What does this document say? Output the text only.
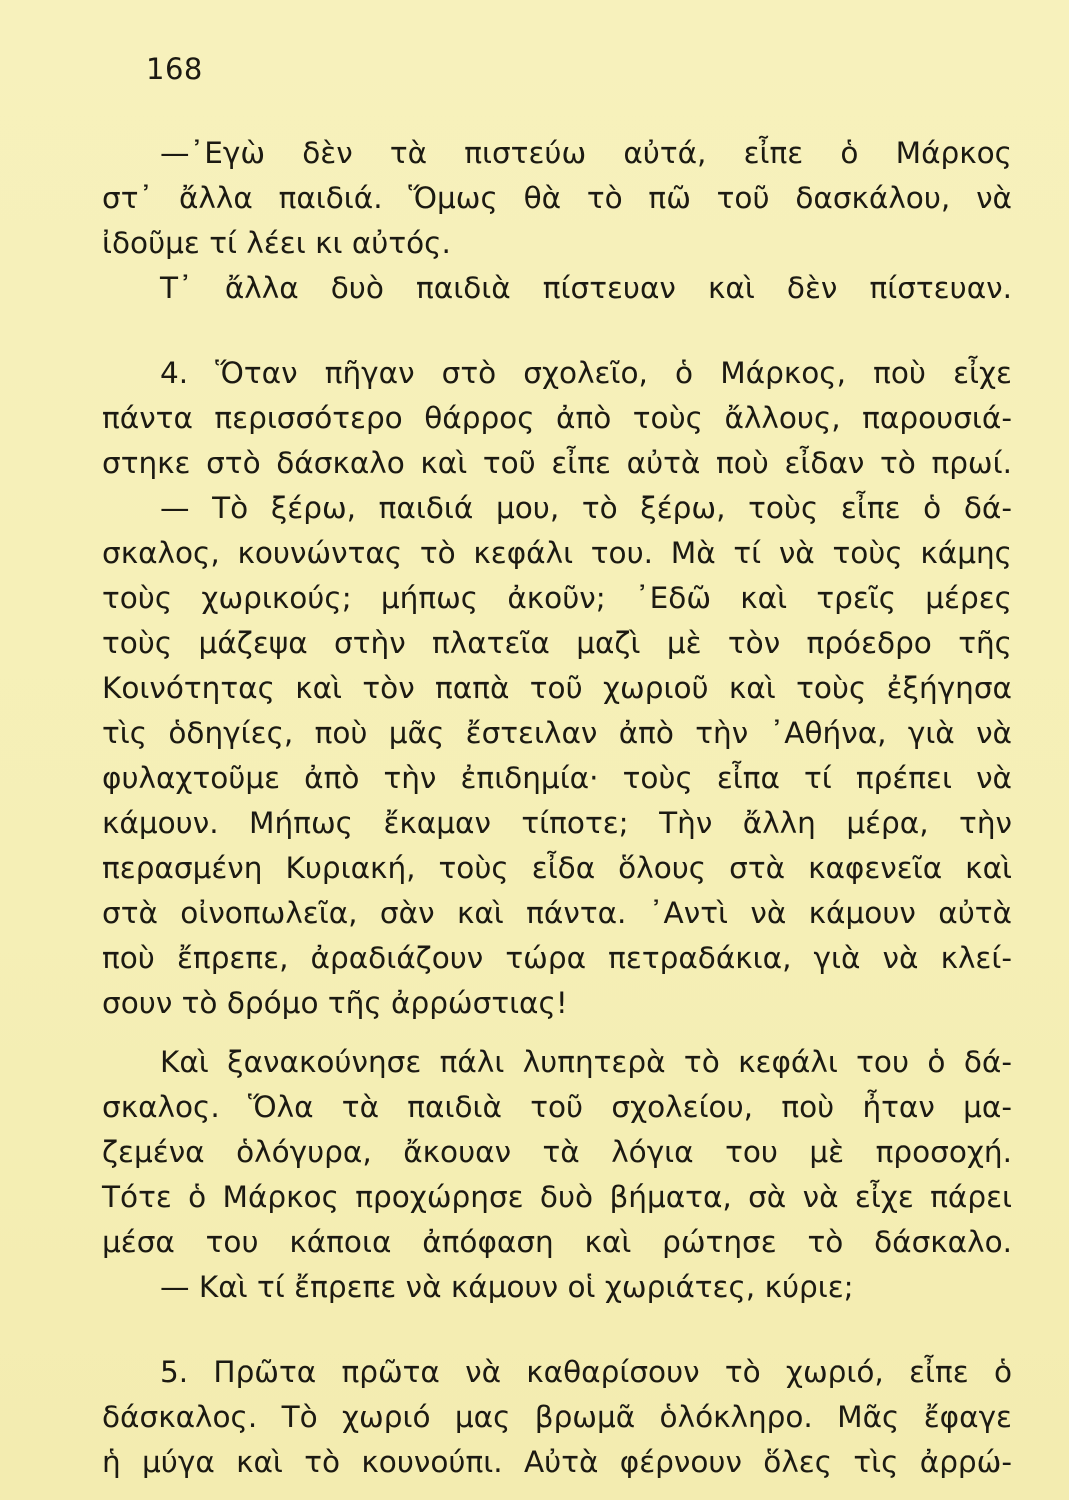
168
—᾿Εγὼ δὲν τὰ πιστεύω αὐτά, εἶπε ὁ Μάρκος
στ᾿ ἄλλα παιδιά. Ὅμως θὰ τὸ πῶ τοῦ δασκάλου, νὰ
ἰδοῦμε τί λέει κι αὐτός.
Τ᾿ ἄλλα δυὸ παιδιὰ πίστευαν καὶ δὲν πίστευαν.
4. Ὅταν πῆγαν στὸ σχολεῖο, ὁ Μάρκος, ποὺ εἶχε
πάντα περισσότερο θάρρος ἀπὸ τοὺς ἄλλους, παρουσιά-
στηκε στὸ δάσκαλο καὶ τοῦ εἶπε αὐτὰ ποὺ εἶδαν τὸ πρωί.
— Τὸ ξέρω, παιδιά μου, τὸ ξέρω, τοὺς εἶπε ὁ δά-
σκαλος, κουνώντας τὸ κεφάλι του. Μὰ τί νὰ τοὺς κάμης
τοὺς χωρικούς; μήπως ἀκοῦν; ᾿Εδῶ καὶ τρεῖς μέρες
τοὺς μάζεψα στὴν πλατεῖα μαζὶ μὲ τὸν πρόεδρο τῆς
Κοινότητας καὶ τὸν παπὰ τοῦ χωριοῦ καὶ τοὺς ἐξήγησα
τὶς ὁδηγίες, ποὺ μᾶς ἔστειλαν ἀπὸ τὴν ᾿Αθήνα, γιὰ νὰ
φυλαχτοῦμε ἀπὸ τὴν ἐπιδημία· τοὺς εἶπα τί πρέπει νὰ
κάμουν. Μήπως ἔκαμαν τίποτε; Τὴν ἄλλη μέρα, τὴν
περασμένη Κυριακή, τοὺς εἶδα ὅλους στὰ καφενεῖα καὶ
στὰ οἰνοπωλεῖα, σὰν καὶ πάντα. ᾿Αντὶ νὰ κάμουν αὐτὰ
ποὺ ἔπρεπε, ἀραδιάζουν τώρα πετραδάκια, γιὰ νὰ κλεί-
σουν τὸ δρόμο τῆς ἀρρώστιας!
Καὶ ξανακούνησε πάλι λυπητερὰ τὸ κεφάλι του ὁ δά-
σκαλος. Ὅλα τὰ παιδιὰ τοῦ σχολείου, ποὺ ἦταν μα-
ζεμένα ὁλόγυρα, ἄκουαν τὰ λόγια του μὲ προσοχή.
Τότε ὁ Μάρκος προχώρησε δυὸ βήματα, σὰ νὰ εἶχε πάρει
μέσα του κάποια ἀπόφαση καὶ ρώτησε τὸ δάσκαλο.
— Καὶ τί ἔπρεπε νὰ κάμουν οἱ χωριάτες, κύριε;
5. Πρῶτα πρῶτα νὰ καθαρίσουν τὸ χωριό, εἶπε ὁ
δάσκαλος. Τὸ χωριό μας βρωμᾶ ὁλόκληρο. Μᾶς ἔφαγε
ἡ μύγα καὶ τὸ κουνούπι. Αὐτὰ φέρνουν ὅλες τὶς ἀρρώ-
